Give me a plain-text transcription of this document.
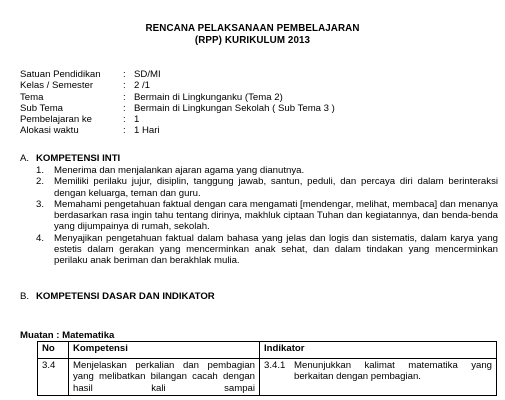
RENCANA PELAKSANAAN PEMBELAJARAN
(RPP) KURIKULUM 2013
Satuan Pendidikan : SD/MI
Kelas / Semester	: 2 /1
Tema	: Bermain di Lingkunganku (Tema 2)
Sub Tema	: Bermain di Lingkungan Sekolah ( Sub Tema 3 )
Pembelajaran ke	: 1
Alokasi waktu	: 1 Hari
A. KOMPETENSI INTI
1. Menerima dan menjalankan ajaran agama yang dianutnya.
2. Memiliki perilaku jujur, disiplin, tanggung jawab, santun, peduli, dan percaya diri dalam berinteraksi dengan keluarga, teman dan guru.
3. Memahami pengetahuan faktual dengan cara mengamati [mendengar, melihat, membaca] dan menanya berdasarkan rasa ingin tahu tentang dirinya, makhluk ciptaan Tuhan dan kegiatannya, dan benda-benda yang dijumpainya di rumah, sekolah.
4. Menyajikan pengetahuan faktual dalam bahasa yang jelas dan logis dan sistematis, dalam karya yang estetis dalam gerakan yang mencerminkan anak sehat, dan dalam tindakan yang mencerminkan perilaku anak beriman dan berakhlak mulia.
B. KOMPETENSI DASAR DAN INDIKATOR
Muatan : Matematika
No	Kompetensi	Indikator
3.4	Menjelaskan perkalian dan pembagian yang melibatkan bilangan cacah dengan hasil kali sampai	3.4.1 Menunjukkan kalimat matematika yang berkaitan dengan pembagian.
